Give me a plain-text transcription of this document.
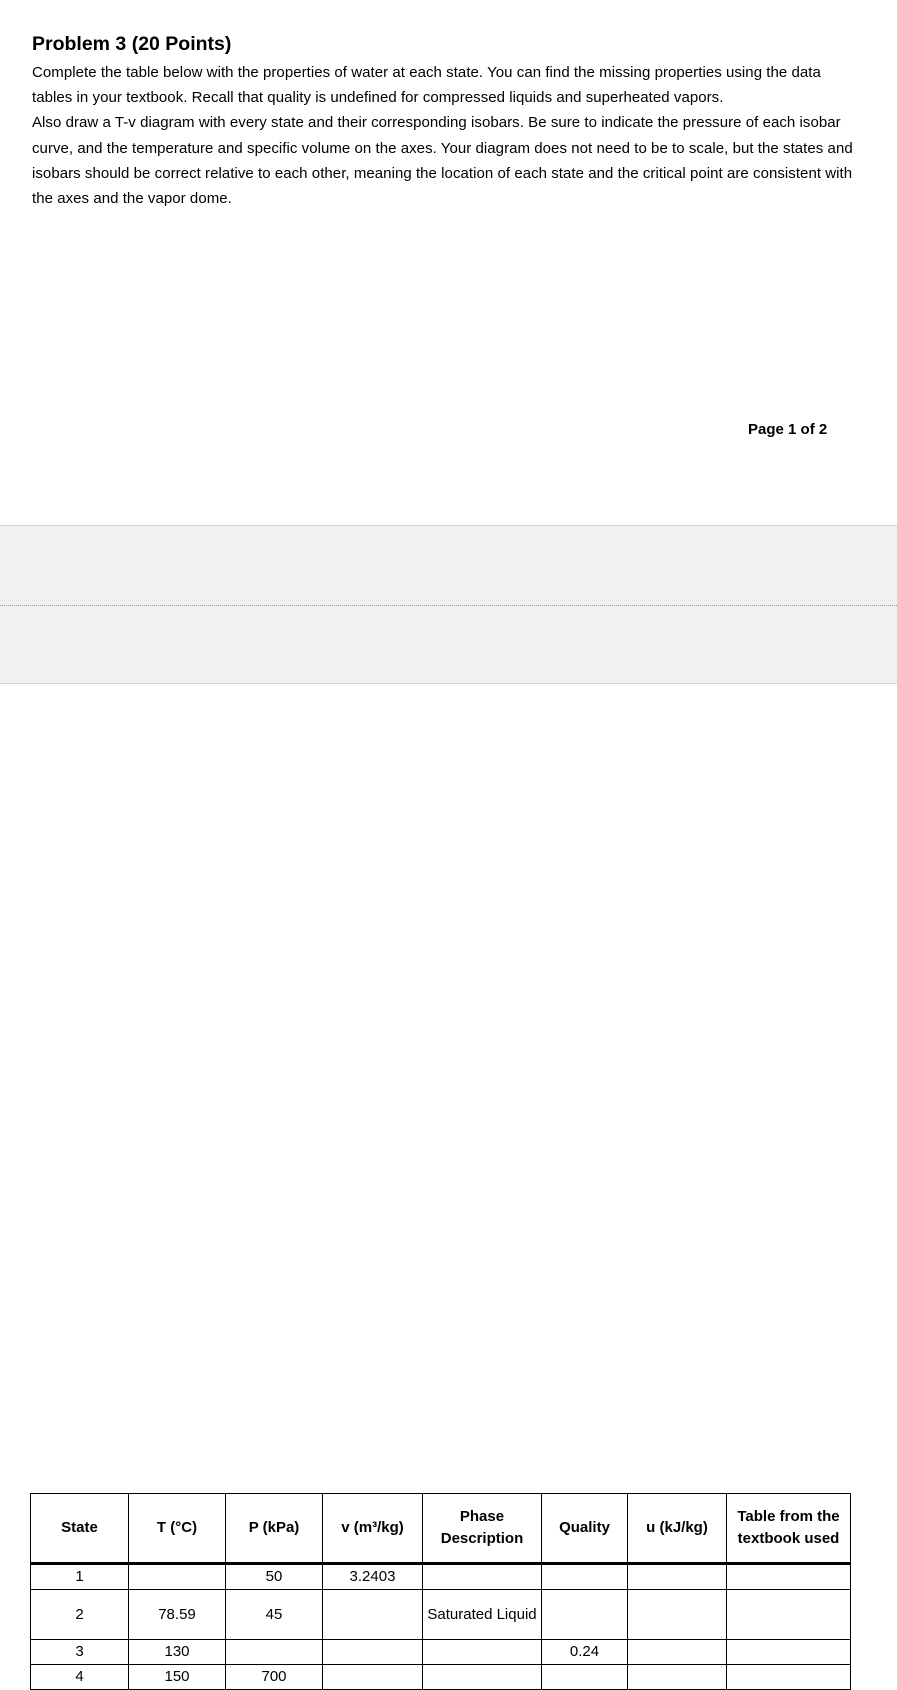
Problem 3 (20 Points)

Complete the table below with the properties of water at each state. You can find the missing properties using the data tables in your textbook. Recall that quality is undefined for compressed liquids and superheated vapors.

Also draw a T-v diagram with every state and their corresponding isobars. Be sure to indicate the pressure of each isobar curve, and the temperature and specific volume on the axes. Your diagram does not need to be to scale, but the states and isobars should be correct relative to each other, meaning the location of each state and the critical point are consistent with the axes and the vapor dome.

Page 1 of 2
State	T (°C)	P (kPa)	v (m³/kg)	Phase Description	Quality	u (kJ/kg)	Table from the textbook used
1		50	3.2403				
2	78.59	45		Saturated Liquid			
3	130				0.24		
4	150	700					
